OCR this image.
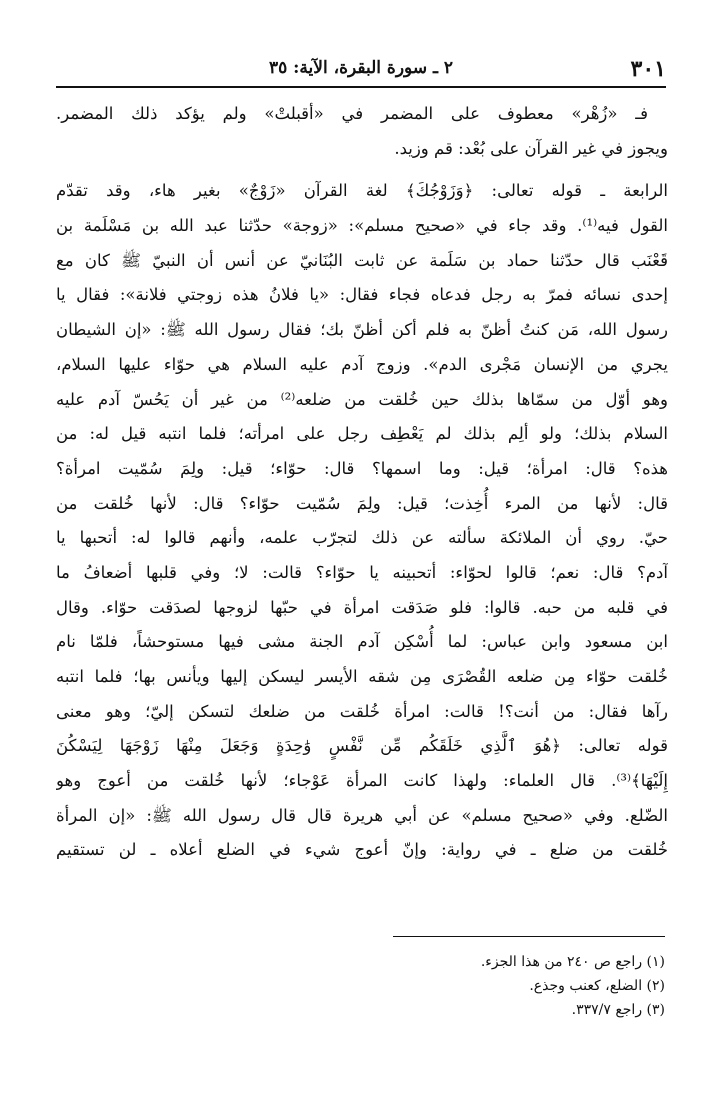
٣٠١
٢ ـ سورة البقرة، الآية: ٣٥
فـ «زُهْر» معطوف على المضمر في «أقبلتْ» ولم يؤكد ذلك المضمر.
ويجوز في غير القرآن على بُعْد: قم وزيد.
الرابعة ـ قوله تعالى: ﴿وَزَوْجُكَ﴾ لغة القرآن «زَوْجٌ» بغير هاء، وقد تقدّم
القول فيه⁽¹⁾. وقد جاء في «صحيح مسلم»: «زوجة» حدّثنا عبد الله بن مَسْلَمة بن
قَعْنَب قال حدّثنا حماد بن سَلَمة عن ثابت البُنَانيّ عن أنس أن النبيّ ﷺ كان مع
إحدى نسائه فمرّ به رجل فدعاه فجاء فقال: «يا فلانُ هذه زوجتي فلانة»: فقال يا
رسول الله، مَن كنتُ أظنّ به فلم أكن أظنّ بك؛ فقال رسول الله ﷺ: «إن الشيطان
يجري من الإنسان مَجْرى الدم». وزوج آدم عليه السلام هي حوّاء عليها السلام،
وهو أوّل من سمّاها بذلك حين خُلقت من ضلعه⁽²⁾ من غير أن يَحُسّ آدم عليه
السلام بذلك؛ ولو ألِم بذلك لم يَعْطِف رجل على امرأته؛ فلما انتبه قيل له: من
هذه؟ قال: امرأة؛ قيل: وما اسمها؟ قال: حوّاء؛ قيل: ولِمَ سُمّيت امرأة؟
قال: لأنها من المرء أُخِذت؛ قيل: ولِمَ سُمّيت حوّاء؟ قال: لأنها خُلقت من
حيّ. روي أن الملائكة سألته عن ذلك لتجرّب علمه، وأنهم قالوا له: أتحبها يا
آدم؟ قال: نعم؛ قالوا لحوّاء: أتحبينه يا حوّاء؟ قالت: لا؛ وفي قلبها أضعافُ ما
في قلبه من حبه. قالوا: فلو صَدَقت امرأة في حبّها لزوجها لصدَقت حوّاء. وقال
ابن مسعود وابن عباس: لما أُسْكِن آدم الجنة مشى فيها مستوحشاً، فلمّا نام
خُلقت حوّاء مِن ضلعه القُصْرَى مِن شقه الأيسر ليسكن إليها ويأنس بها؛ فلما انتبه
رآها فقال: من أنت؟! قالت: امرأة خُلقت من ضلعك لتسكن إليّ؛ وهو معنى
قوله تعالى: ﴿هُوَ ٱلَّذِي خَلَقَكُم مِّن نَّفْسٍ وَٰحِدَةٍ وَجَعَلَ مِنْهَا زَوْجَهَا لِيَسْكُنَ
إِلَيْهَا﴾⁽³⁾. قال العلماء: ولهذا كانت المرأة عَوْجاء؛ لأنها خُلقت من أعوج وهو
الضّلع. وفي «صحيح مسلم» عن أبي هريرة قال قال رسول الله ﷺ: «إن المرأة
خُلقت من ضلع ـ في رواية: وإنّ أعوج شيء في الضلع أعلاه ـ لن تستقيم
(١) راجع ص ٢٤٠ من هذا الجزء.
(٢) الضلع، كعنب وجذع.
(٣) راجع ٣٣٧/٧.
